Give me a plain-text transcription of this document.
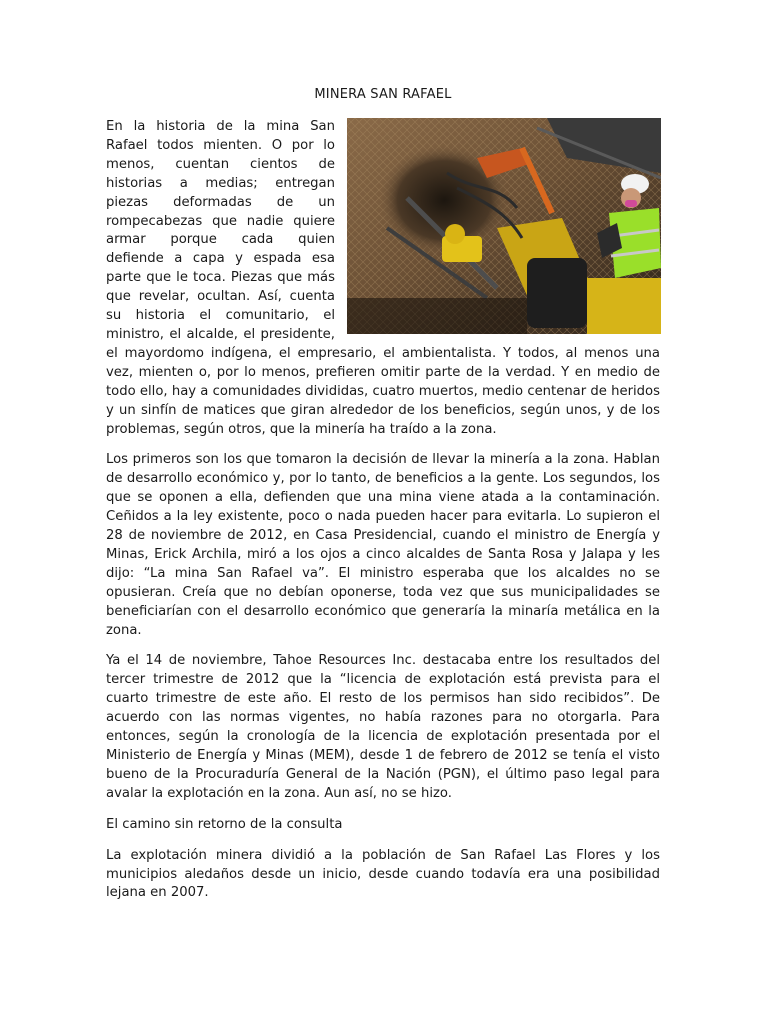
MINERA SAN RAFAEL

En la historia de la mina San Rafael todos mienten. O por lo menos, cuentan cientos de historias a medias; entregan piezas deformadas de un rompecabezas que nadie quiere armar porque cada quien defiende a capa y espada esa parte que le toca. Piezas que más que revelar, ocultan. Así, cuenta su historia el comunitario, el ministro, el alcalde, el presidente, el mayordomo indígena, el empresario, el ambientalista. Y todos, al menos una vez, mienten o, por lo menos, prefieren omitir parte de la verdad. Y en medio de todo ello, hay a comunidades divididas, cuatro muertos, medio centenar de heridos y un sinfín de matices que giran alrededor de los beneficios, según unos, y de los problemas, según otros, que la minería ha traído a la zona.

Los primeros son los que tomaron la decisión de llevar la minería a la zona. Hablan de desarrollo económico y, por lo tanto, de beneficios a la gente. Los segundos, los que se oponen a ella, defienden que una mina viene atada a la contaminación. Ceñidos a la ley existente, poco o nada pueden hacer para evitarla. Lo supieron el 28 de noviembre de 2012, en Casa Presidencial, cuando el ministro de Energía y Minas, Erick Archila, miró a los ojos a cinco alcaldes de Santa Rosa y Jalapa y les dijo: “La mina San Rafael va”. El ministro esperaba que los alcaldes no se opusieran. Creía que no debían oponerse, toda vez que sus municipalidades se beneficiarían con el desarrollo económico que generaría la minaría metálica en la zona.

Ya el 14 de noviembre, Tahoe Resources Inc. destacaba entre los resultados del tercer trimestre de 2012 que la “licencia de explotación está prevista para el cuarto trimestre de este año. El resto de los permisos han sido recibidos”. De acuerdo con las normas vigentes, no había razones para no otorgarla. Para entonces, según la cronología de la licencia de explotación presentada por el Ministerio de Energía y Minas (MEM), desde 1 de febrero de 2012 se tenía el visto bueno de la Procuraduría General de la Nación (PGN), el último paso legal para avalar la explotación en la zona. Aun así, no se hizo.

El camino sin retorno de la consulta

La explotación minera dividió a la población de San Rafael Las Flores y los municipios aledaños desde un inicio, desde cuando todavía era una posibilidad lejana en 2007.
